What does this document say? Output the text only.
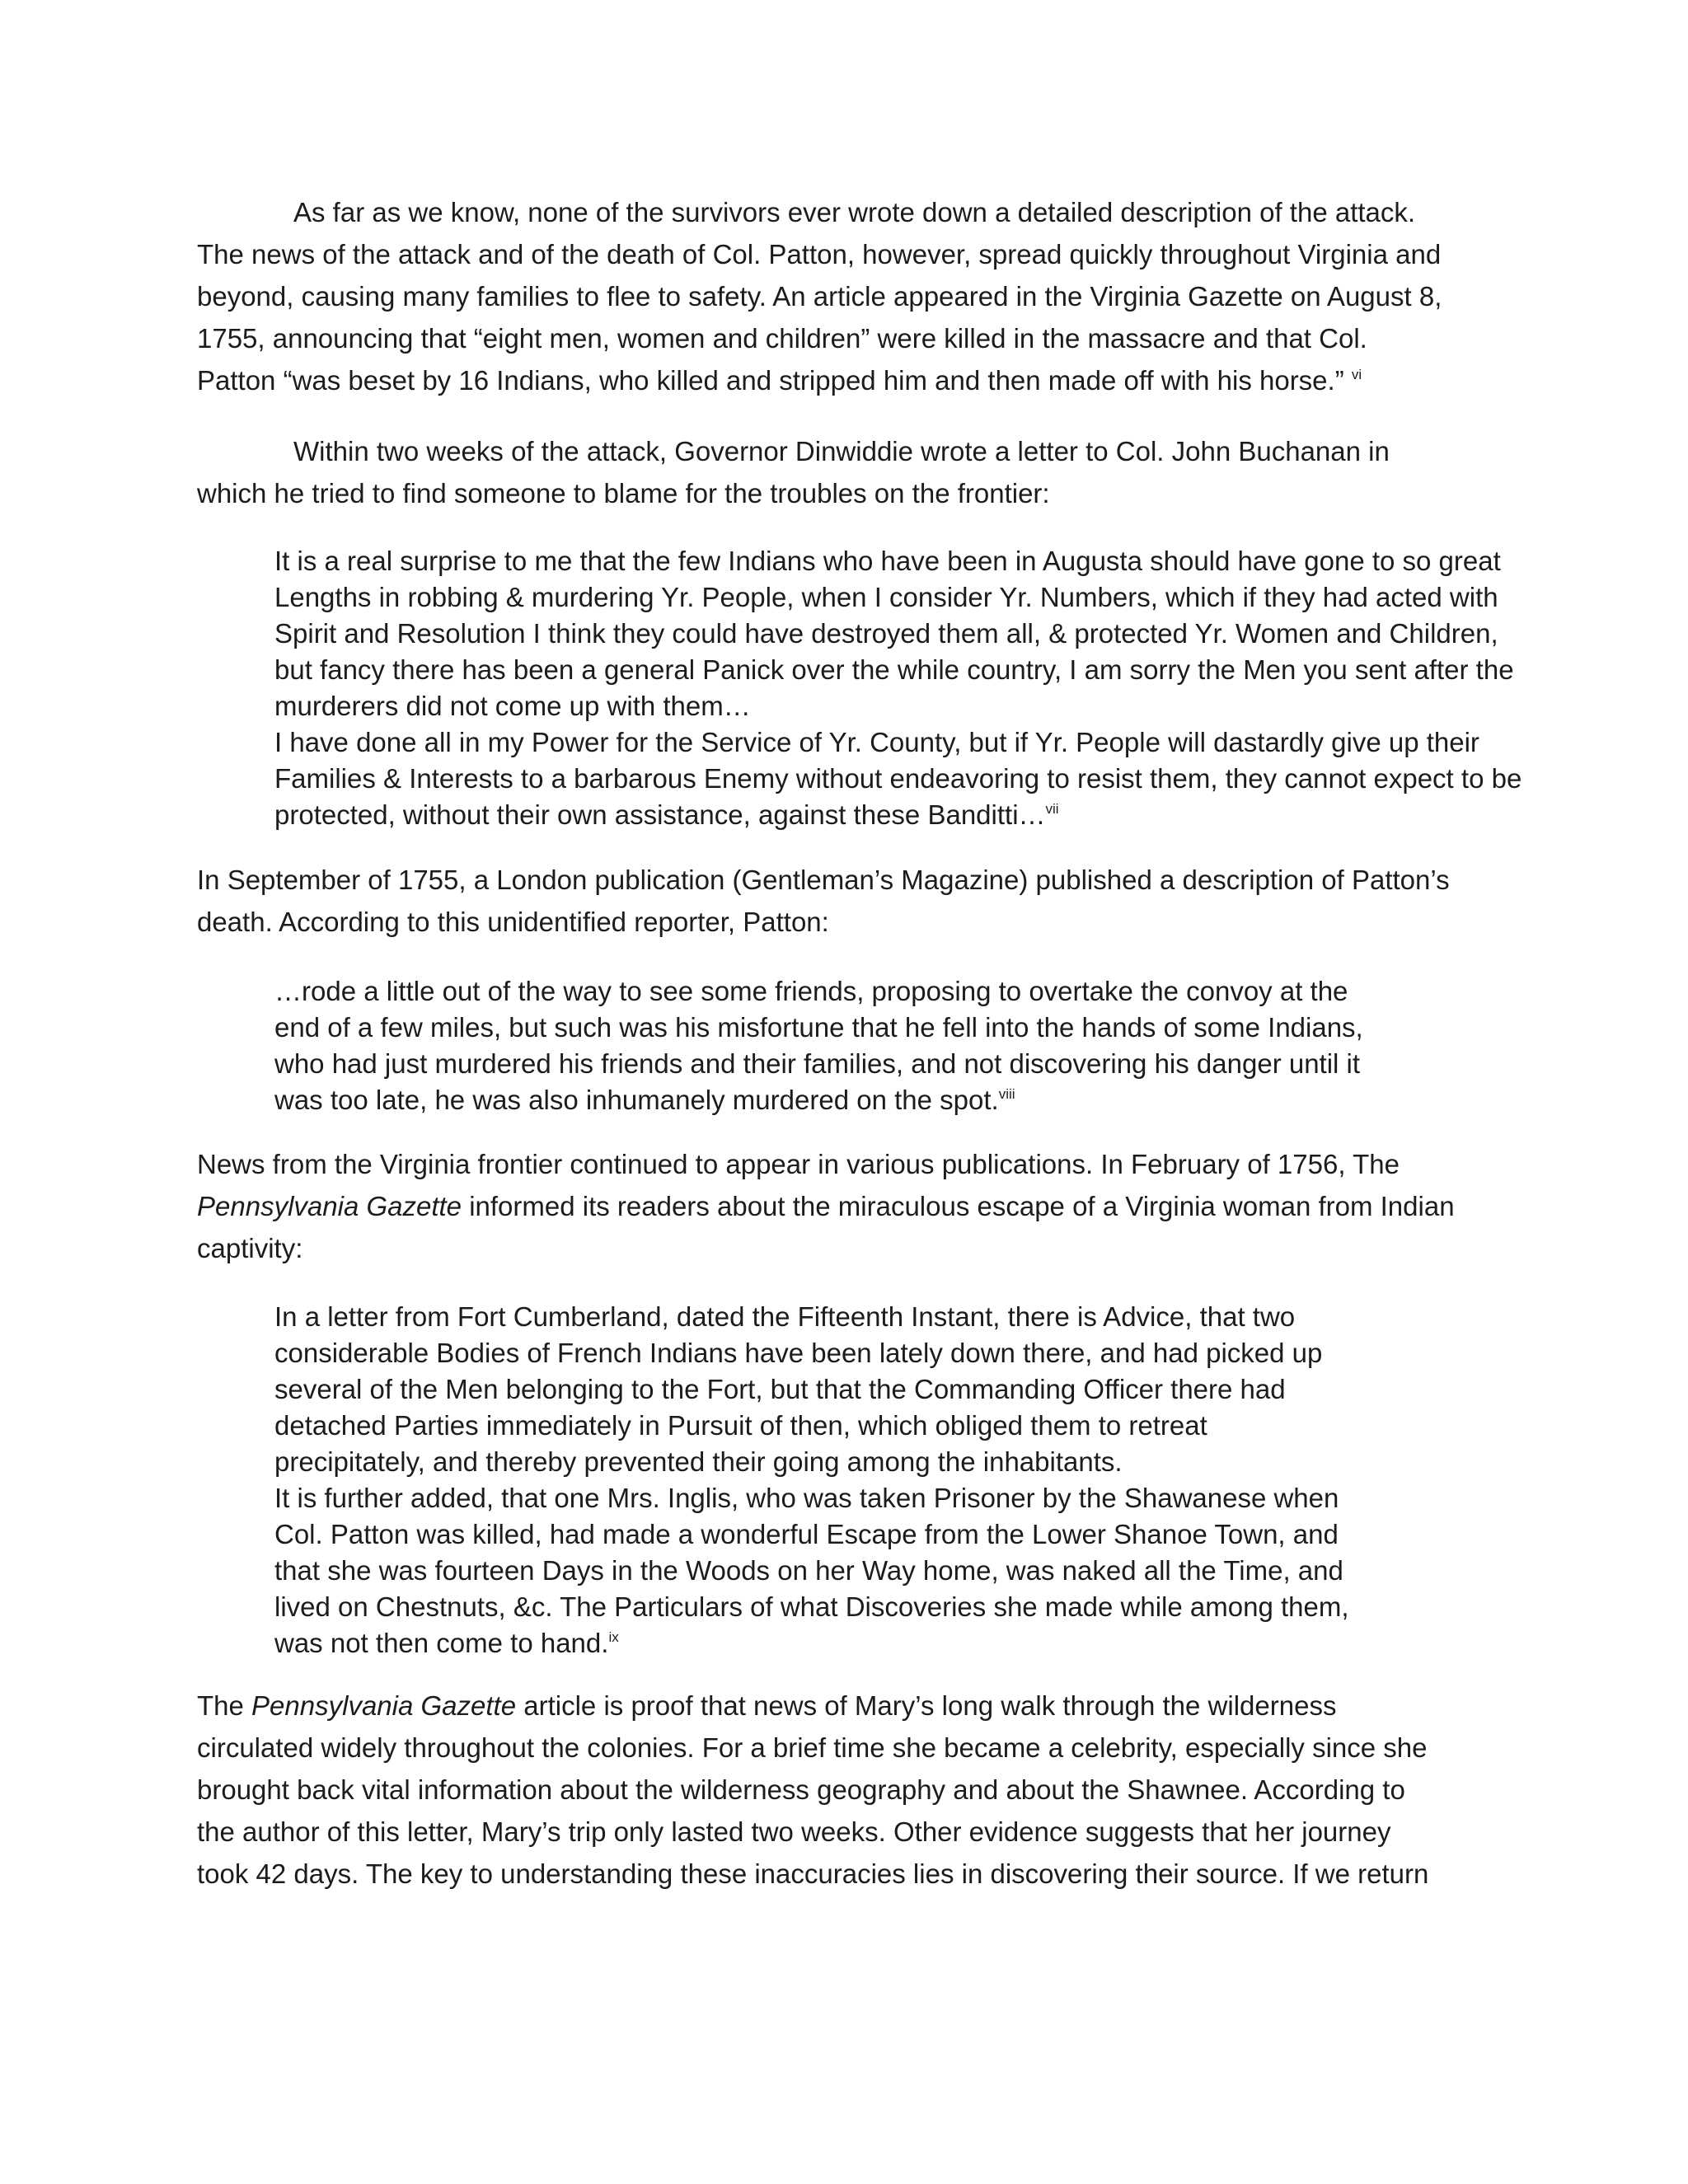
As far as we know, none of the survivors ever wrote down a detailed description of the attack.
The news of the attack and of the death of Col. Patton, however, spread quickly throughout Virginia and
beyond, causing many families to flee to safety. An article appeared in the Virginia Gazette on August 8,
1755, announcing that “eight men, women and children” were killed in the massacre and that Col.
Patton “was beset by 16 Indians, who killed and stripped him and then made off with his horse.” $^{vi}$
Within two weeks of the attack, Governor Dinwiddie wrote a letter to Col. John Buchanan in
which he tried to find someone to blame for the troubles on the frontier:
It is a real surprise to me that the few Indians who have been in Augusta should have gone to so great
Lengths in robbing & murdering Yr. People, when I consider Yr. Numbers, which if they had acted with
Spirit and Resolution I think they could have destroyed them all, & protected Yr. Women and Children,
but fancy there has been a general Panick over the while country, I am sorry the Men you sent after the
murderers did not come up with them…
I have done all in my Power for the Service of Yr. County, but if Yr. People will dastardly give up their
Families & Interests to a barbarous Enemy without endeavoring to resist them, they cannot expect to be
protected, without their own assistance, against these Banditti…$^{vii}$
In September of 1755, a London publication (Gentleman’s Magazine) published a description of Patton’s
death. According to this unidentified reporter, Patton:
…rode a little out of the way to see some friends, proposing to overtake the convoy at the
end of a few miles, but such was his misfortune that he fell into the hands of some Indians,
who had just murdered his friends and their families, and not discovering his danger until it
was too late, he was also inhumanely murdered on the spot.$^{viii}$
News from the Virginia frontier continued to appear in various publications. In February of 1756, The
Pennsylvania Gazette informed its readers about the miraculous escape of a Virginia woman from Indian
captivity:
In a letter from Fort Cumberland, dated the Fifteenth Instant, there is Advice, that two
considerable Bodies of French Indians have been lately down there, and had picked up
several of the Men belonging to the Fort, but that the Commanding Officer there had
detached Parties immediately in Pursuit of then, which obliged them to retreat
precipitately, and thereby prevented their going among the inhabitants.
It is further added, that one Mrs. Inglis, who was taken Prisoner by the Shawanese when
Col. Patton was killed, had made a wonderful Escape from the Lower Shanoe Town, and
that she was fourteen Days in the Woods on her Way home, was naked all the Time, and
lived on Chestnuts, &c. The Particulars of what Discoveries she made while among them,
was not then come to hand.$^{ix}$
The Pennsylvania Gazette article is proof that news of Mary’s long walk through the wilderness
circulated widely throughout the colonies. For a brief time she became a celebrity, especially since she
brought back vital information about the wilderness geography and about the Shawnee. According to
the author of this letter, Mary’s trip only lasted two weeks. Other evidence suggests that her journey
took 42 days. The key to understanding these inaccuracies lies in discovering their source. If we return
